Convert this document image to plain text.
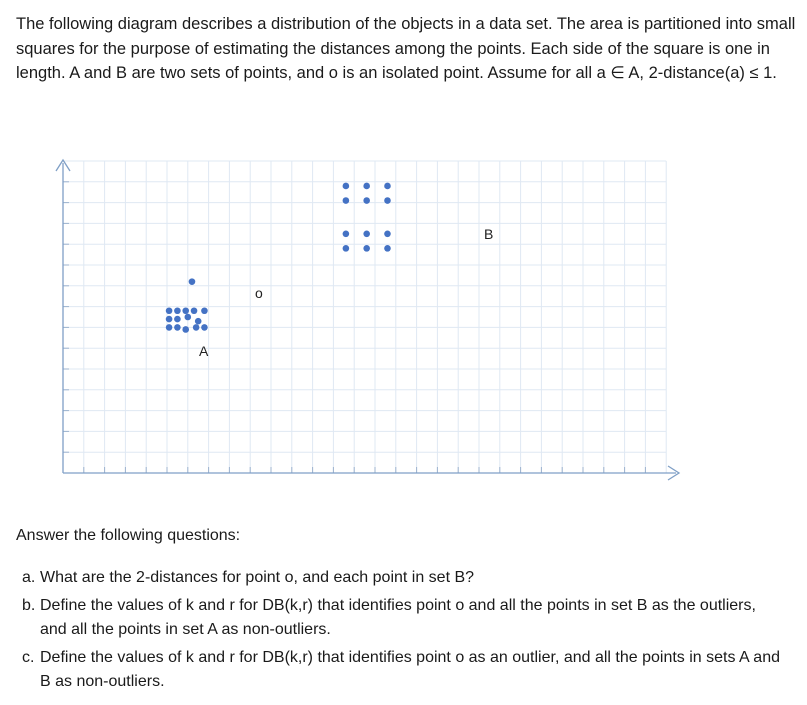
The following diagram describes a distribution of the objects in a data set. The area is partitioned into small squares for the purpose of estimating the distances among the points. Each side of the square is one in length. A and B are two sets of points, and o is an isolated point. Assume for all a ∈ A, 2-distance(a) ≤ 1.

A
B
o

Answer the following questions:

a. What are the 2-distances for point o, and each point in set B?
b. Define the values of k and r for DB(k,r) that identifies point o and all the points in set B as the outliers, and all the points in set A as non-outliers.
c. Define the values of k and r for DB(k,r) that identifies point o as an outlier, and all the points in sets A and B as non-outliers.
